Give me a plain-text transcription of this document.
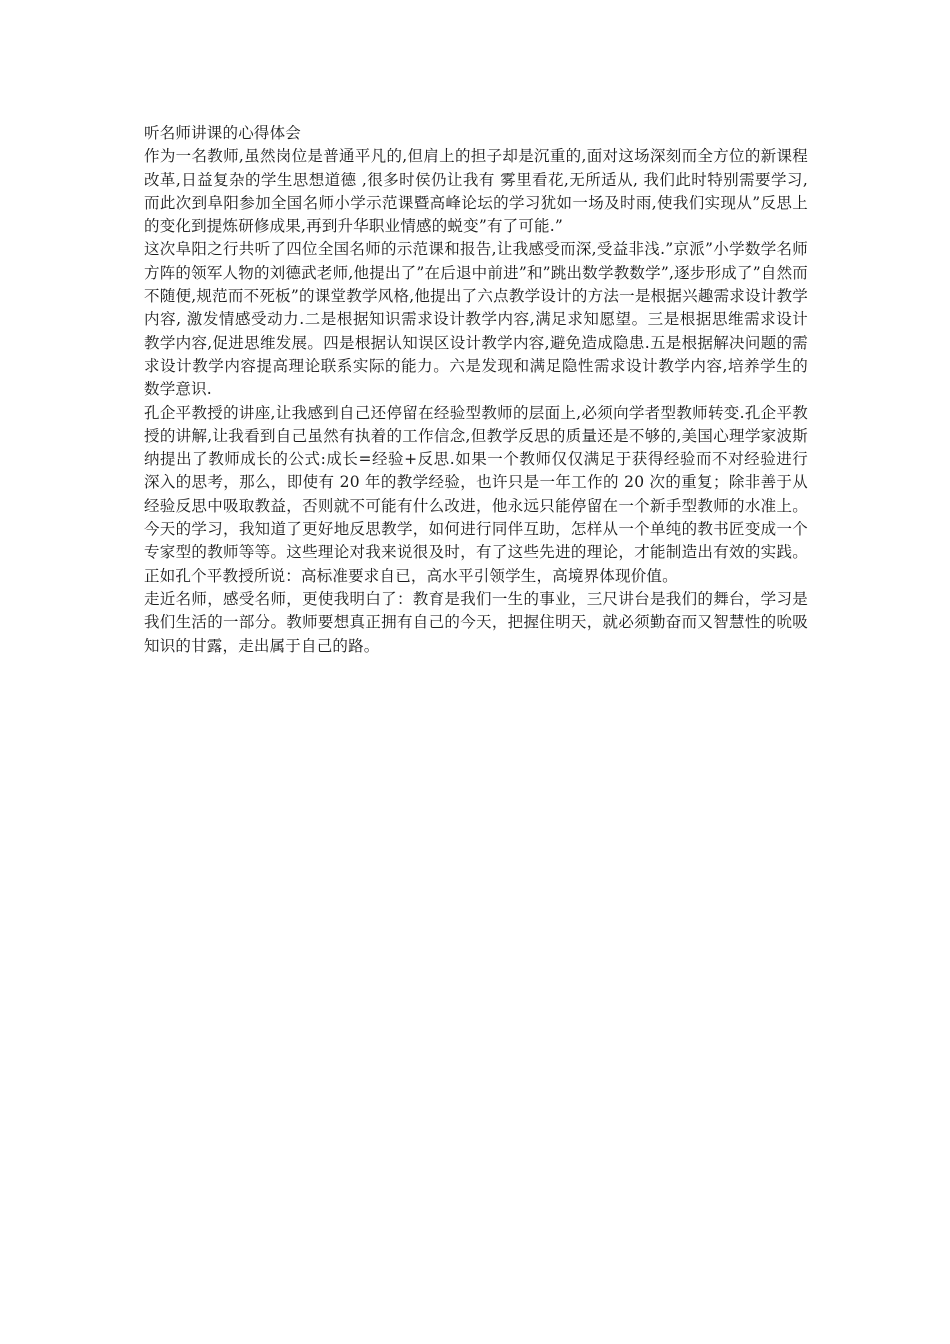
听名师讲课的心得体会

作为一名教师,虽然岗位是普通平凡的,但肩上的担子却是沉重的,面对这场深刻而全方位的新课程改革,日益复杂的学生思想道德 ,很多时侯仍让我有 雾里看花,无所适从, 我们此时特别需要学习, 而此次到阜阳参加全国名师小学示范课暨高峰论坛的学习犹如一场及时雨,使我们实现从”反思上的变化到提炼研修成果,再到升华职业情感的蜕变”有了可能.”

这次阜阳之行共听了四位全国名师的示范课和报告,让我感受而深,受益非浅.”京派”小学数学名师方阵的领军人物的刘德武老师,他提出了”在后退中前进”和”跳出数学教数学”,逐步形成了”自然而不随便,规范而不死板”的课堂教学风格,他提出了六点教学设计的方法一是根据兴趣需求设计教学内容, 激发情感受动力.二是根据知识需求设计教学内容,满足求知愿望。三是根据思维需求设计教学内容,促进思维发展。四是根据认知误区设计教学内容,避免造成隐患.五是根据解决问题的需求设计教学内容提高理论联系实际的能力。六是发现和满足隐性需求设计教学内容,培养学生的数学意识.

孔企平教授的讲座,让我感到自己还停留在经验型教师的层面上,必须向学者型教师转变.孔企平教授的讲解,让我看到自己虽然有执着的工作信念,但教学反思的质量还是不够的,美国心理学家波斯纳提出了教师成长的公式:成长=经验+反思.如果一个教师仅仅满足于获得经验而不对经验进行深入的思考，那么，即使有 20 年的教学经验，也许只是一年工作的 20 次的重复；除非善于从经验反思中吸取教益，否则就不可能有什么改进，他永远只能停留在一个新手型教师的水准上。今天的学习，我知道了更好地反思教学，如何进行同伴互助，怎样从一个单纯的教书匠变成一个专家型的教师等等。这些理论对我来说很及时，有了这些先进的理论，才能制造出有效的实践。正如孔个平教授所说：高标准要求自已，高水平引领学生，高境界体现价值。

走近名师，感受名师，更使我明白了：教育是我们一生的事业，三尺讲台是我们的舞台，学习是我们生活的一部分。教师要想真正拥有自己的今天，把握住明天，就必须勤奋而又智慧性的吮吸知识的甘露，走出属于自己的路。
